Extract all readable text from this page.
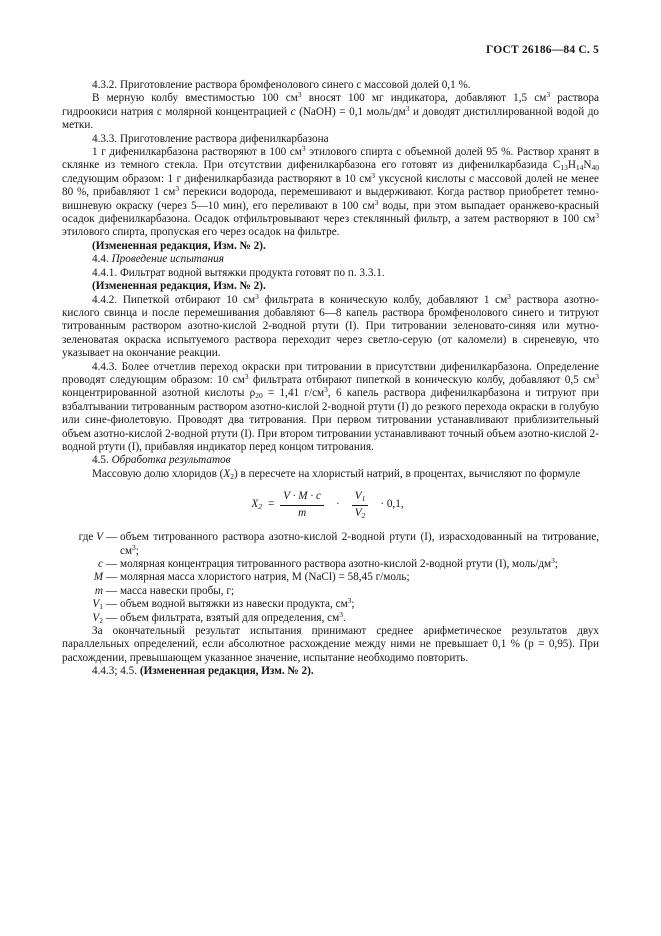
ГОСТ 26186—84 С. 5

4.3.2. Приготовление раствора бромфенолового синего с массовой долей 0,1 %.

В мерную колбу вместимостью 100 $см^3$ вносят 100 мг индикатора, добавляют 1,5 $см^3$ раствора гидроокиси натрия с молярной концентрацией c (NaOH) = 0,1 моль/$дм^3$ и доводят дистиллированной водой до метки.

4.3.3. Приготовление раствора дифенилкарбазона

1 г дифенилкарбазона растворяют в 100 $см^3$ этилового спирта с объемной долей 95 %. Раствор хранят в склянке из темного стекла. При отсутствии дифенилкарбазона его готовят из дифенилкарбазида $C_{13}H_{14}N_{40}$ следующим образом: 1 г дифенилкарбазида растворяют в 10 $см^3$ уксусной кислоты с массовой долей не менее 80 %, прибавляют 1 $см^3$ перекиси водорода, перемешивают и выдерживают. Когда раствор приобретет темно-вишневую окраску (через 5—10 мин), его переливают в 100 $см^3$ воды, при этом выпадает оранжево-красный осадок дифенилкарбазона. Осадок отфильтровывают через стеклянный фильтр, а затем растворяют в 100 $см^3$ этилового спирта, пропуская его через осадок на фильтре.

(Измененная редакция, Изм. № 2).

4.4. Проведение испытания

4.4.1. Фильтрат водной вытяжки продукта готовят по п. 3.3.1.

(Измененная редакция, Изм. № 2).

4.4.2. Пипеткой отбирают 10 $см^3$ фильтрата в коническую колбу, добавляют 1 $см^3$ раствора азотно-кислого свинца и после перемешивания добавляют 6—8 капель раствора бромфенолового синего и титруют титрованным раствором азотно-кислой 2-водной ртути (I). При титровании зеленовато-синяя или мутно-зеленоватая окраска испытуемого раствора переходит через светло-серую (от каломели) в сиреневую, что указывает на окончание реакции.

4.4.3. Более отчетлив переход окраски при титровании в присутствии дифенилкарбазона. Определение проводят следующим образом: 10 $см^3$ фильтрата отбирают пипеткой в коническую колбу, добавляют 0,5 $см^3$ концентрированной азотной кислоты $\rho_{20} = 1,41$ $г/см^3$, 6 капель раствора дифенилкарбазона и титруют при взбалтывании титрованным раствором азотно-кислой 2-водной ртути (I) до резкого перехода окраски в голубую или сине-фиолетовую. Проводят два титрования. При первом титровании устанавливают приблизительный объем азотно-кислой 2-водной ртути (I). При втором титровании устанавливают точный объем азотно-кислой 2-водной ртути (I), прибавляя индикатор перед концом титрования.

4.5. Обработка результатов

Массовую долю хлоридов $(X_2)$ в пересчете на хлористый натрий, в процентах, вычисляют по формуле

$X_2 = \frac{V \cdot M \cdot c}{m} \cdot \frac{V_1}{V_2} \cdot 0,1$,
где V — объем титрованного раствора азотно-кислой 2-водной ртути (I), израсходованный на титрование, $см^3$;
c — молярная концентрация титрованного раствора азотно-кислой 2-водной ртути (I), моль/$дм^3$;
M — молярная масса хлористого натрия, M (NaCl) = 58,45 г/моль;
m — масса навески пробы, г;
$V_1$ — объем водной вытяжки из навески продукта, $см^3$;
$V_2$ — объем фильтрата, взятый для определения, $см^3$.

За окончательный результат испытания принимают среднее арифметическое результатов двух параллельных определений, если абсолютное расхождение между ними не превышает 0,1 % (p = 0,95). При расхождении, превышающем указанное значение, испытание необходимо повторить.

4.4.3; 4.5. (Измененная редакция, Изм. № 2).
